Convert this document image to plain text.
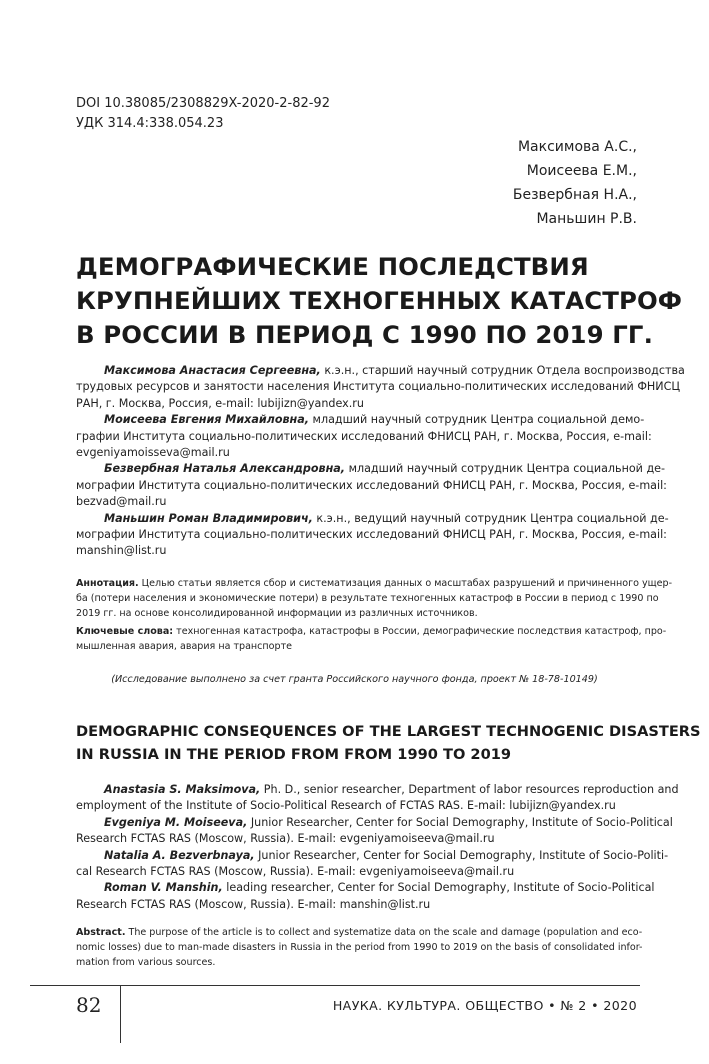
DOI 10.38085/2308829X-2020-2-82-92
УДК 314.4:338.054.23
Максимова А.С.,
Моисеева Е.М.,
Безвербная Н.А.,
Маньшин Р.В.
ДЕМОГРАФИЧЕСКИЕ ПОСЛЕДСТВИЯ
КРУПНЕЙШИХ ТЕХНОГЕННЫХ КАТАСТРОФ
В РОССИИ В ПЕРИОД С 1990 ПО 2019 ГГ.

Максимова Анастасия Сергеевна, к.э.н., старший научный сотрудник Отдела воспроизводства
трудовых ресурсов и занятости населения Института социально-политических исследований ФНИСЦ
РАН, г. Москва, Россия, e-mail: lubijizn@yandex.ru

Моисеева Евгения Михайловна, младший научный сотрудник Центра социальной демо-
графии Института социально-политических исследований ФНИСЦ РАН, г. Москва, Россия, e-mail:
evgeniyamoisseva@mail.ru

Безвербная Наталья Александровна, младший научный сотрудник Центра социальной де-
мографии Института социально-политических исследований ФНИСЦ РАН, г. Москва, Россия, e-mail:
bezvad@mail.ru

Маньшин Роман Владимирович, к.э.н., ведущий научный сотрудник Центра социальной де-
мографии Института социально-политических исследований ФНИСЦ РАН, г. Москва, Россия, e-mail:
manshin@list.ru

Аннотация. Целью статьи является сбор и систематизация данных о масштабах разрушений и причиненного ущер-
ба (потери населения и экономические потери) в результате техногенных катастроф в России в период с 1990 по
2019 гг. на основе консолидированной информации из различных источников.

Ключевые слова: техногенная катастрофа, катастрофы в России, демографические последствия катастроф, про-
мышленная авария, авария на транспорте

(Исследование выполнено за счет гранта Российского научного фонда, проект № 18-78-10149)
DEMOGRAPHIC CONSEQUENCES OF THE LARGEST TECHNOGENIC DISASTERS
IN RUSSIA IN THE PERIOD FROM FROM 1990 TO 2019

Anastasia S. Maksimova, Ph. D., senior researcher, Department of labor resources reproduction and
employment of the Institute of Socio-Political Research of FCTAS RAS. E-mail: lubijizn@yandex.ru

Evgeniya M. Moiseeva, Junior Researcher, Center for Social Demography, Institute of Socio-Political
Research FCTAS RAS (Moscow, Russia). E-mail: evgeniyamoiseeva@mail.ru

Natalia A. Bezverbnaya, Junior Researcher, Center for Social Demography, Institute of Socio-Politi-
cal Research FCTAS RAS (Moscow, Russia). E-mail: evgeniyamoiseeva@mail.ru

Roman V. Manshin, leading researcher, Center for Social Demography, Institute of Socio-Political
Research FCTAS RAS (Moscow, Russia). E-mail: manshin@list.ru

Abstract. The purpose of the article is to collect and systematize data on the scale and damage (population and eco-
nomic losses) due to man-made disasters in Russia in the period from 1990 to 2019 on the basis of consolidated infor-
mation from various sources.

82	НАУКА. КУЛЬТУРА. ОБЩЕСТВО • № 2 • 2020
